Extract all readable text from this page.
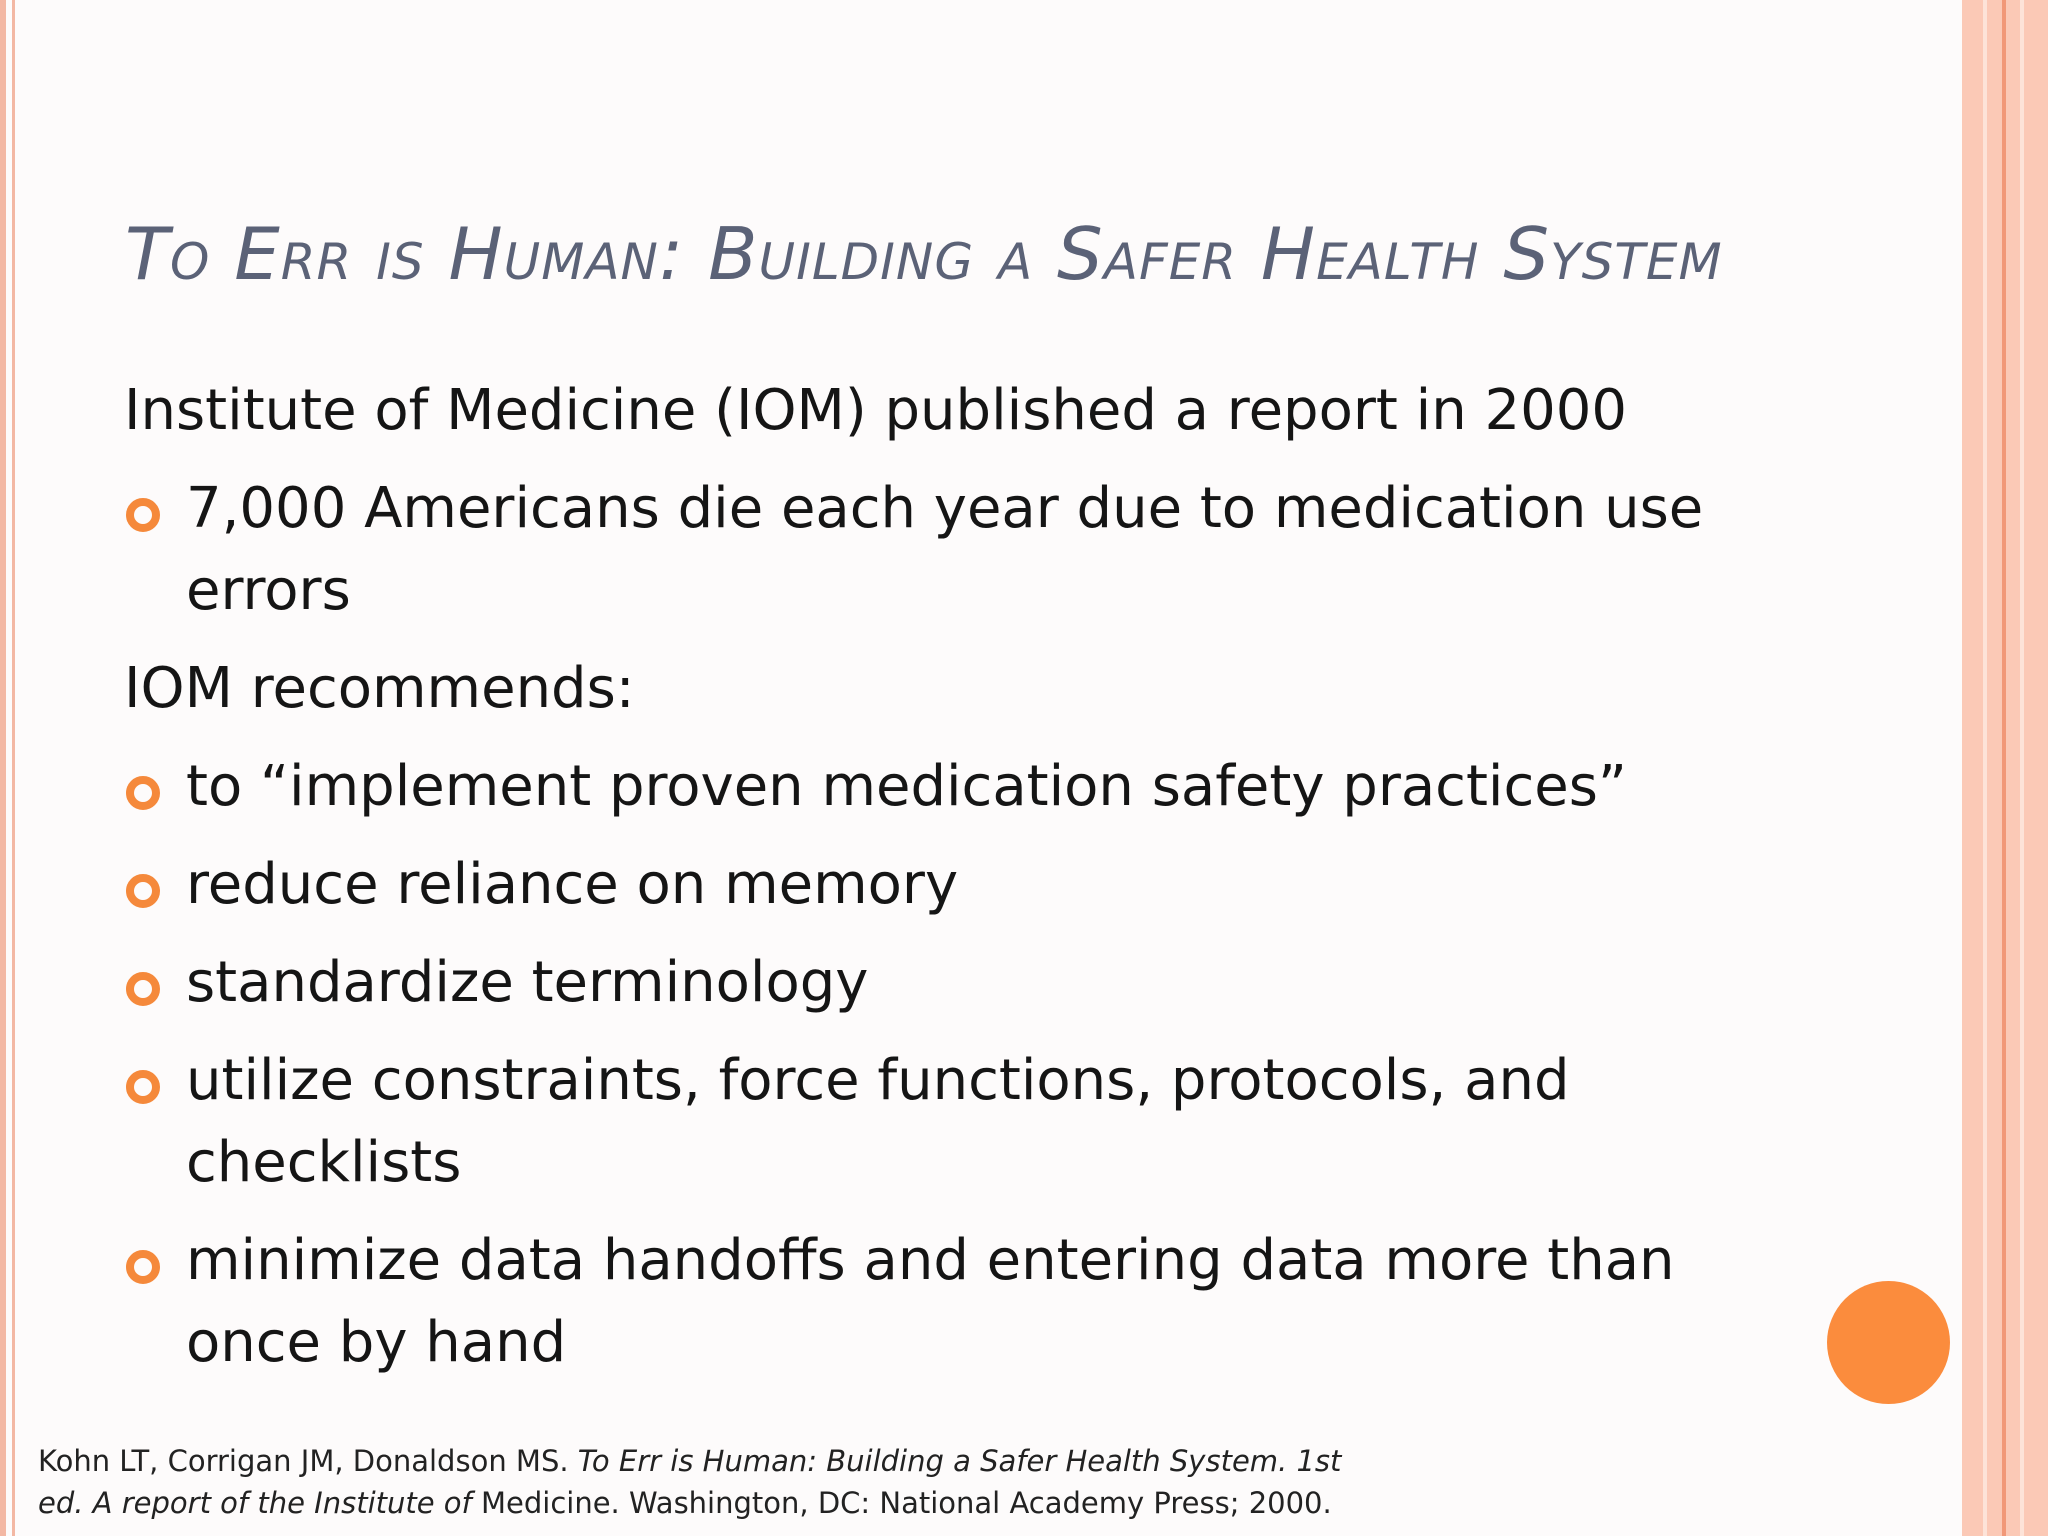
To Err is Human: Building a Safer Health System

Institute of Medicine (IOM) published a report in 2000

7,000 Americans die each year due to medication use errors

IOM recommends:

to “implement proven medication safety practices”
reduce reliance on memory
standardize terminology
utilize constraints, force functions, protocols, and checklists
minimize data handoffs and entering data more than once by hand
Kohn LT, Corrigan JM, Donaldson MS. To Err is Human: Building a Safer Health System. 1st ed. A report of the Institute of Medicine. Washington, DC: National Academy Press; 2000.
